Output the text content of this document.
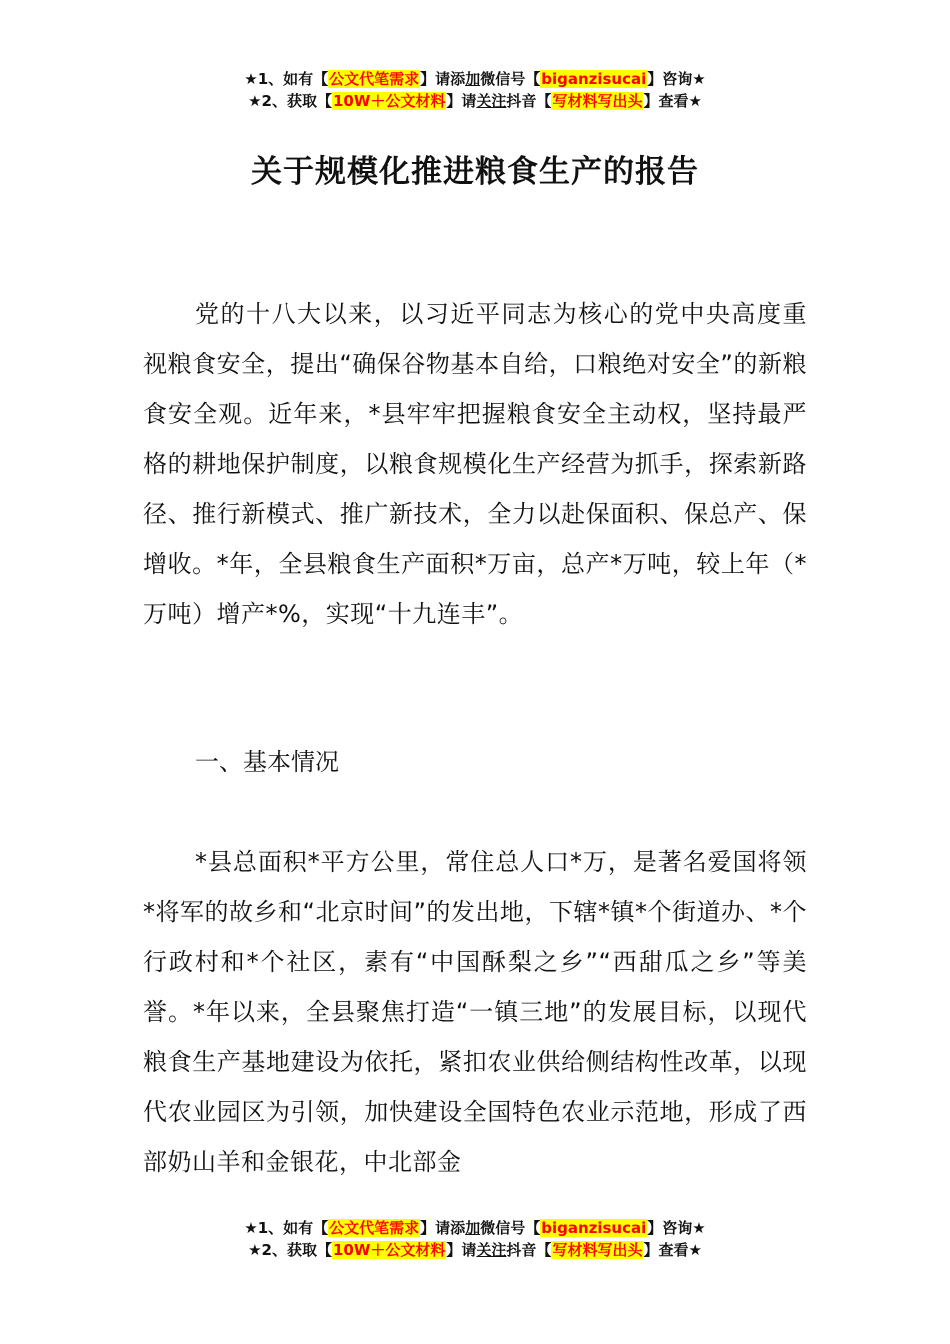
★1、如有【公文代笔需求】请添加微信号【biganzisucai】咨询★
★2、获取【10W＋公文材料】请关注抖音【写材料写出头】查看★
关于规模化推进粮食生产的报告

党的十八大以来，以习近平同志为核心的党中央高度重视粮食安全，提出“确保谷物基本自给，口粮绝对安全”的新粮食安全观。近年来，*县牢牢把握粮食安全主动权，坚持最严格的耕地保护制度，以粮食规模化生产经营为抓手，探索新路径、推行新模式、推广新技术，全力以赴保面积、保总产、保增收。*年，全县粮食生产面积*万亩，总产*万吨，较上年（*万吨）增产*%，实现“十九连丰”。

一、基本情况

*县总面积*平方公里，常住总人口*万，是著名爱国将领*将军的故乡和“北京时间”的发出地，下辖*镇*个街道办、*个行政村和*个社区，素有“中国酥梨之乡”“西甜瓜之乡”等美誉。*年以来，全县聚焦打造“一镇三地”的发展目标，以现代粮食生产基地建设为依托，紧扣农业供给侧结构性改革，以现代农业园区为引领，加快建设全国特色农业示范地，形成了西部奶山羊和金银花，中北部金

★1、如有【公文代笔需求】请添加微信号【biganzisucai】咨询★
★2、获取【10W＋公文材料】请关注抖音【写材料写出头】查看★
